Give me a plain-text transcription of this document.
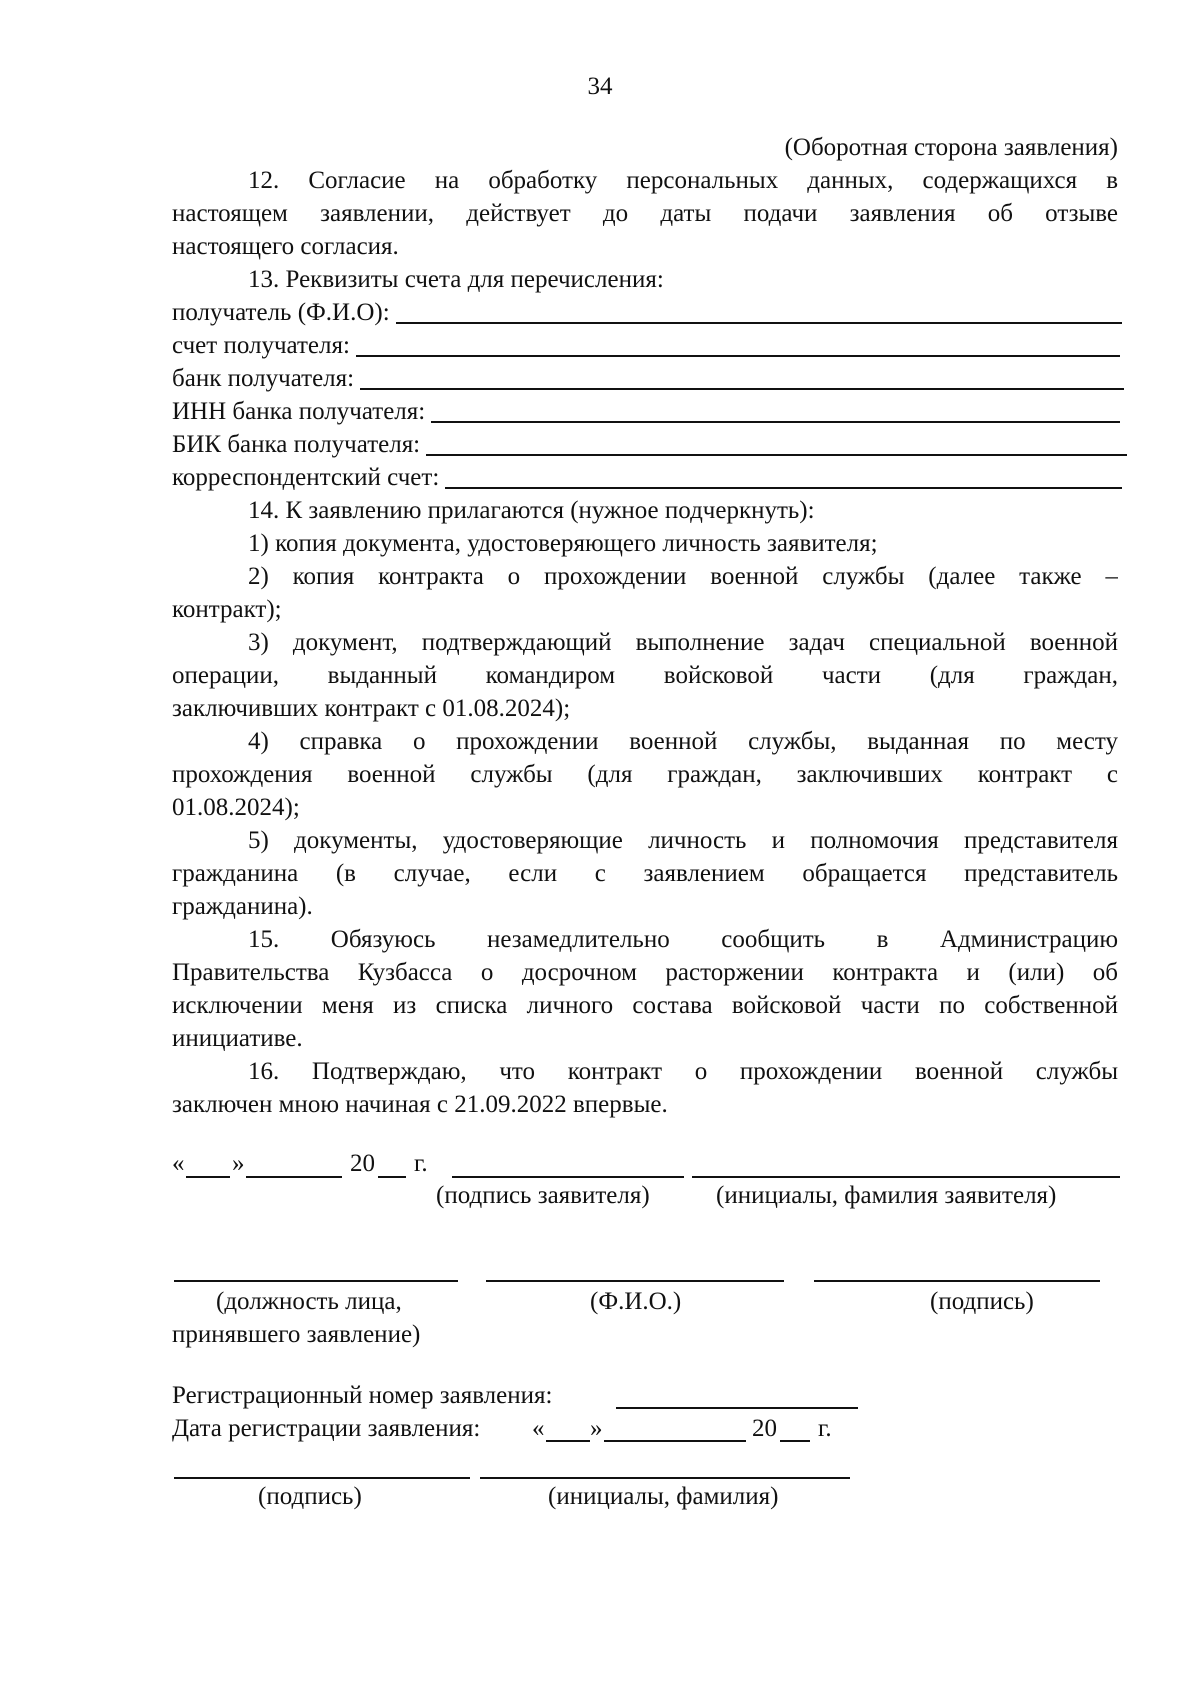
34
(Оборотная сторона заявления)
12. Согласие на обработку персональных данных, содержащихся в
настоящем заявлении, действует до даты подачи заявления об отзыве
настоящего согласия.
13. Реквизиты счета для перечисления:
получатель (Ф.И.О):
счет получателя:
банк получателя:
ИНН банка получателя:
БИК банка получателя:
корреспондентский счет:
14. К заявлению прилагаются (нужное подчеркнуть):
1) копия документа, удостоверяющего личность заявителя;
2) копия контракта о прохождении военной службы (далее также –
контракт);
3) документ, подтверждающий выполнение задач специальной военной
операции, выданный командиром войсковой части (для граждан,
заключивших контракт с 01.08.2024);
4) справка о прохождении военной службы, выданная по месту
прохождения военной службы (для граждан, заключивших контракт с
01.08.2024);
5) документы, удостоверяющие личность и полномочия представителя
гражданина (в случае, если с заявлением обращается представитель
гражданина).
15. Обязуюсь незамедлительно сообщить в Администрацию
Правительства Кузбасса о досрочном расторжении контракта и (или) об
исключении меня из списка личного состава войсковой части по собственной
инициативе.
16. Подтверждаю, что контракт о прохождении военной службы
заключен мною начиная с 21.09.2022 впервые.
« »	20 г.
(подпись заявителя)	(инициалы, фамилия заявителя)
(должность лица,
принявшего заявление)
(Ф.И.О.)	(подпись)
Регистрационный номер заявления:
Дата регистрации заявления: « »	20 г.
(подпись)	(инициалы, фамилия)
